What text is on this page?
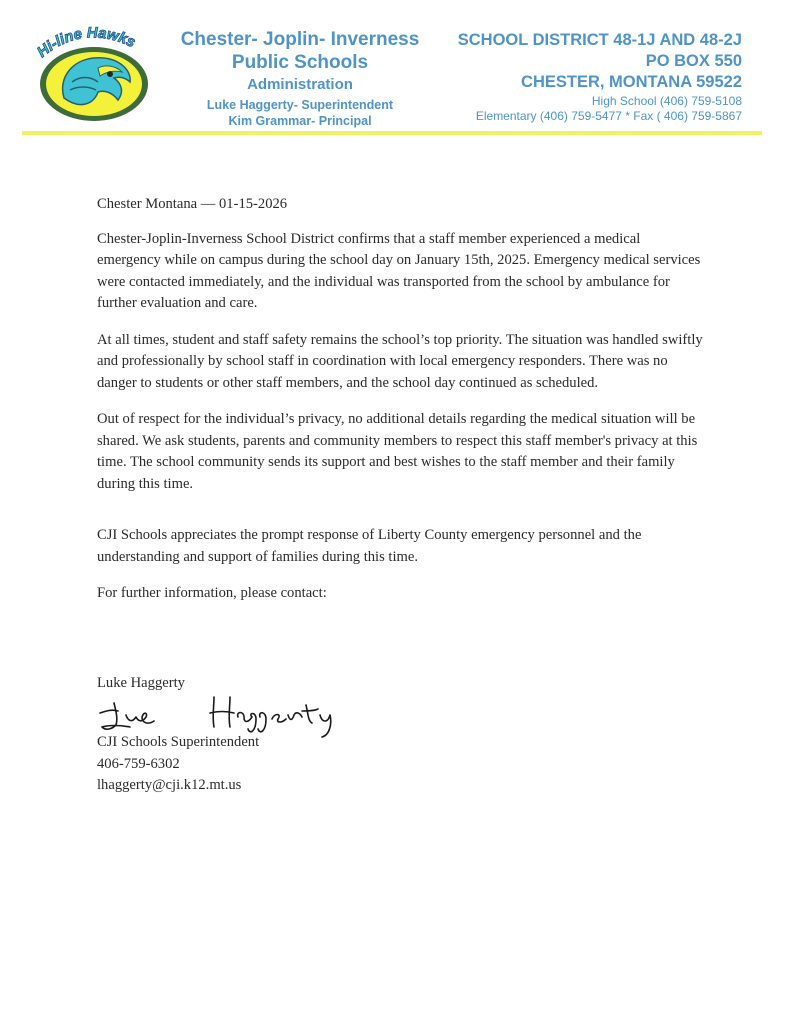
Hi-line Hawks	Chester- Joplin- Inverness
Public Schools
Administration
Luke Haggerty- Superintendent
Kim Grammar- Principal
SCHOOL DISTRICT 48-1J AND 48-2J
PO BOX 550
CHESTER, MONTANA 59522
High School (406) 759-5108
Elementary (406) 759-5477 * Fax ( 406) 759-5867

Chester Montana — 01-15-2026

Chester-Joplin-Inverness School District confirms that a staff member experienced a medical emergency while on campus during the school day on January 15th, 2025. Emergency medical services were contacted immediately, and the individual was transported from the school by ambulance for further evaluation and care.

At all times, student and staff safety remains the school’s top priority. The situation was handled swiftly and professionally by school staff in coordination with local emergency responders. There was no danger to students or other staff members, and the school day continued as scheduled.

Out of respect for the individual’s privacy, no additional details regarding the medical situation will be shared. We ask students, parents and community members to respect this staff member's privacy at this time. The school community sends its support and best wishes to the staff member and their family during this time.

CJI Schools appreciates the prompt response of Liberty County emergency personnel and the understanding and support of families during this time.

For further information, please contact:

Luke Haggerty
CJI Schools Superintendent
406-759-6302
lhaggerty@cji.k12.mt.us
